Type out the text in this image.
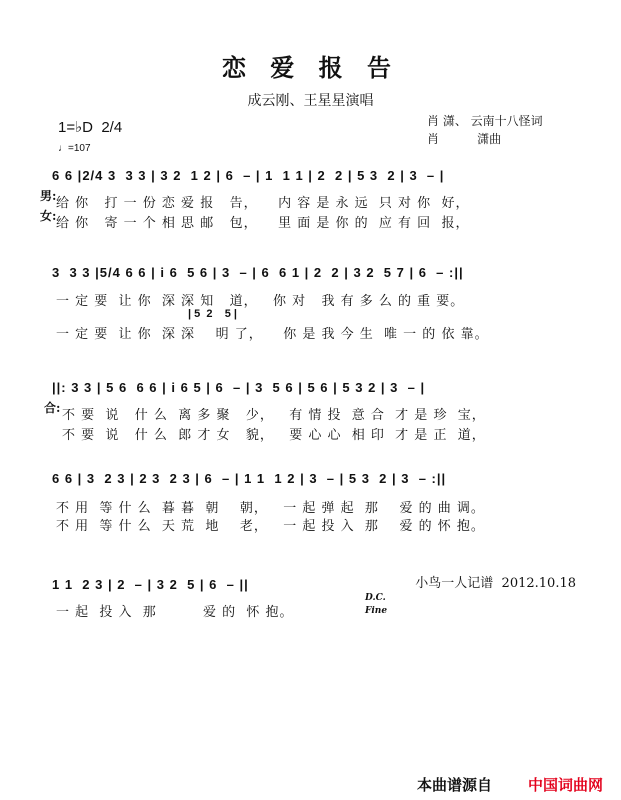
恋 爱 报 告
成云刚、王星星演唱
肖 潇、 云南十八怪词
肖          潇曲
1=♭D  2/4
♩=107
6 6 |2/4 3  3 3 | 3 2  1 2 | 6  – | 1  1 1 | 2  2 | 5 3  2 | 3  – |
男: 给 你   打 一 份 恋 爱 报   告，    内 容 是 永 远  只 对 你  好，
女: 给 你   寄 一 个 相 思 邮   包，    里 面 是 你 的  应 有 回  报，
3  3 3 |5/4 6 6 | i 6  5 6 | 3  – | 6  6 1 | 2  2 | 3 2  5 7 | 6  – :||
一 定 要  让 你  深 深 知   道，   你 对   我 有 多 么 的 重 要。
| 5  2    5 |
一 定 要  让 你  深 深    明 了，    你 是 我 今 生  唯 一 的 依 靠。
||: 3 3 | 5 6  6 6 | i 6 5 | 6  – | 3  5 6 | 5 6 | 5 3 2 | 3  – |
合: 不 要  说   什 么  离 多 聚   少，   有 情 投  意 合  才 是 珍  宝，
不 要  说   什 么  郎 才 女   貌，   要 心 心  相 印  才 是 正  道，
6 6 | 3  2 3 | 2 3  2 3 | 6  – | 1 1  1 2 | 3  – | 5 3  2 | 3  – :||
不 用  等 什 么  暮 暮  朝    朝，   一 起 弹 起  那    爱 的 曲 调。
不 用  等 什 么  天 荒  地    老，   一 起 投 入  那    爱 的 怀 抱。
1 1  2 3 | 2  – | 3 2  5 | 6  – ||
一 起  投 入  那         爱 的  怀 抱。
D.C.
Fine
小鸟一人记谱  2012.10.18
本曲谱源自 中国词曲网
